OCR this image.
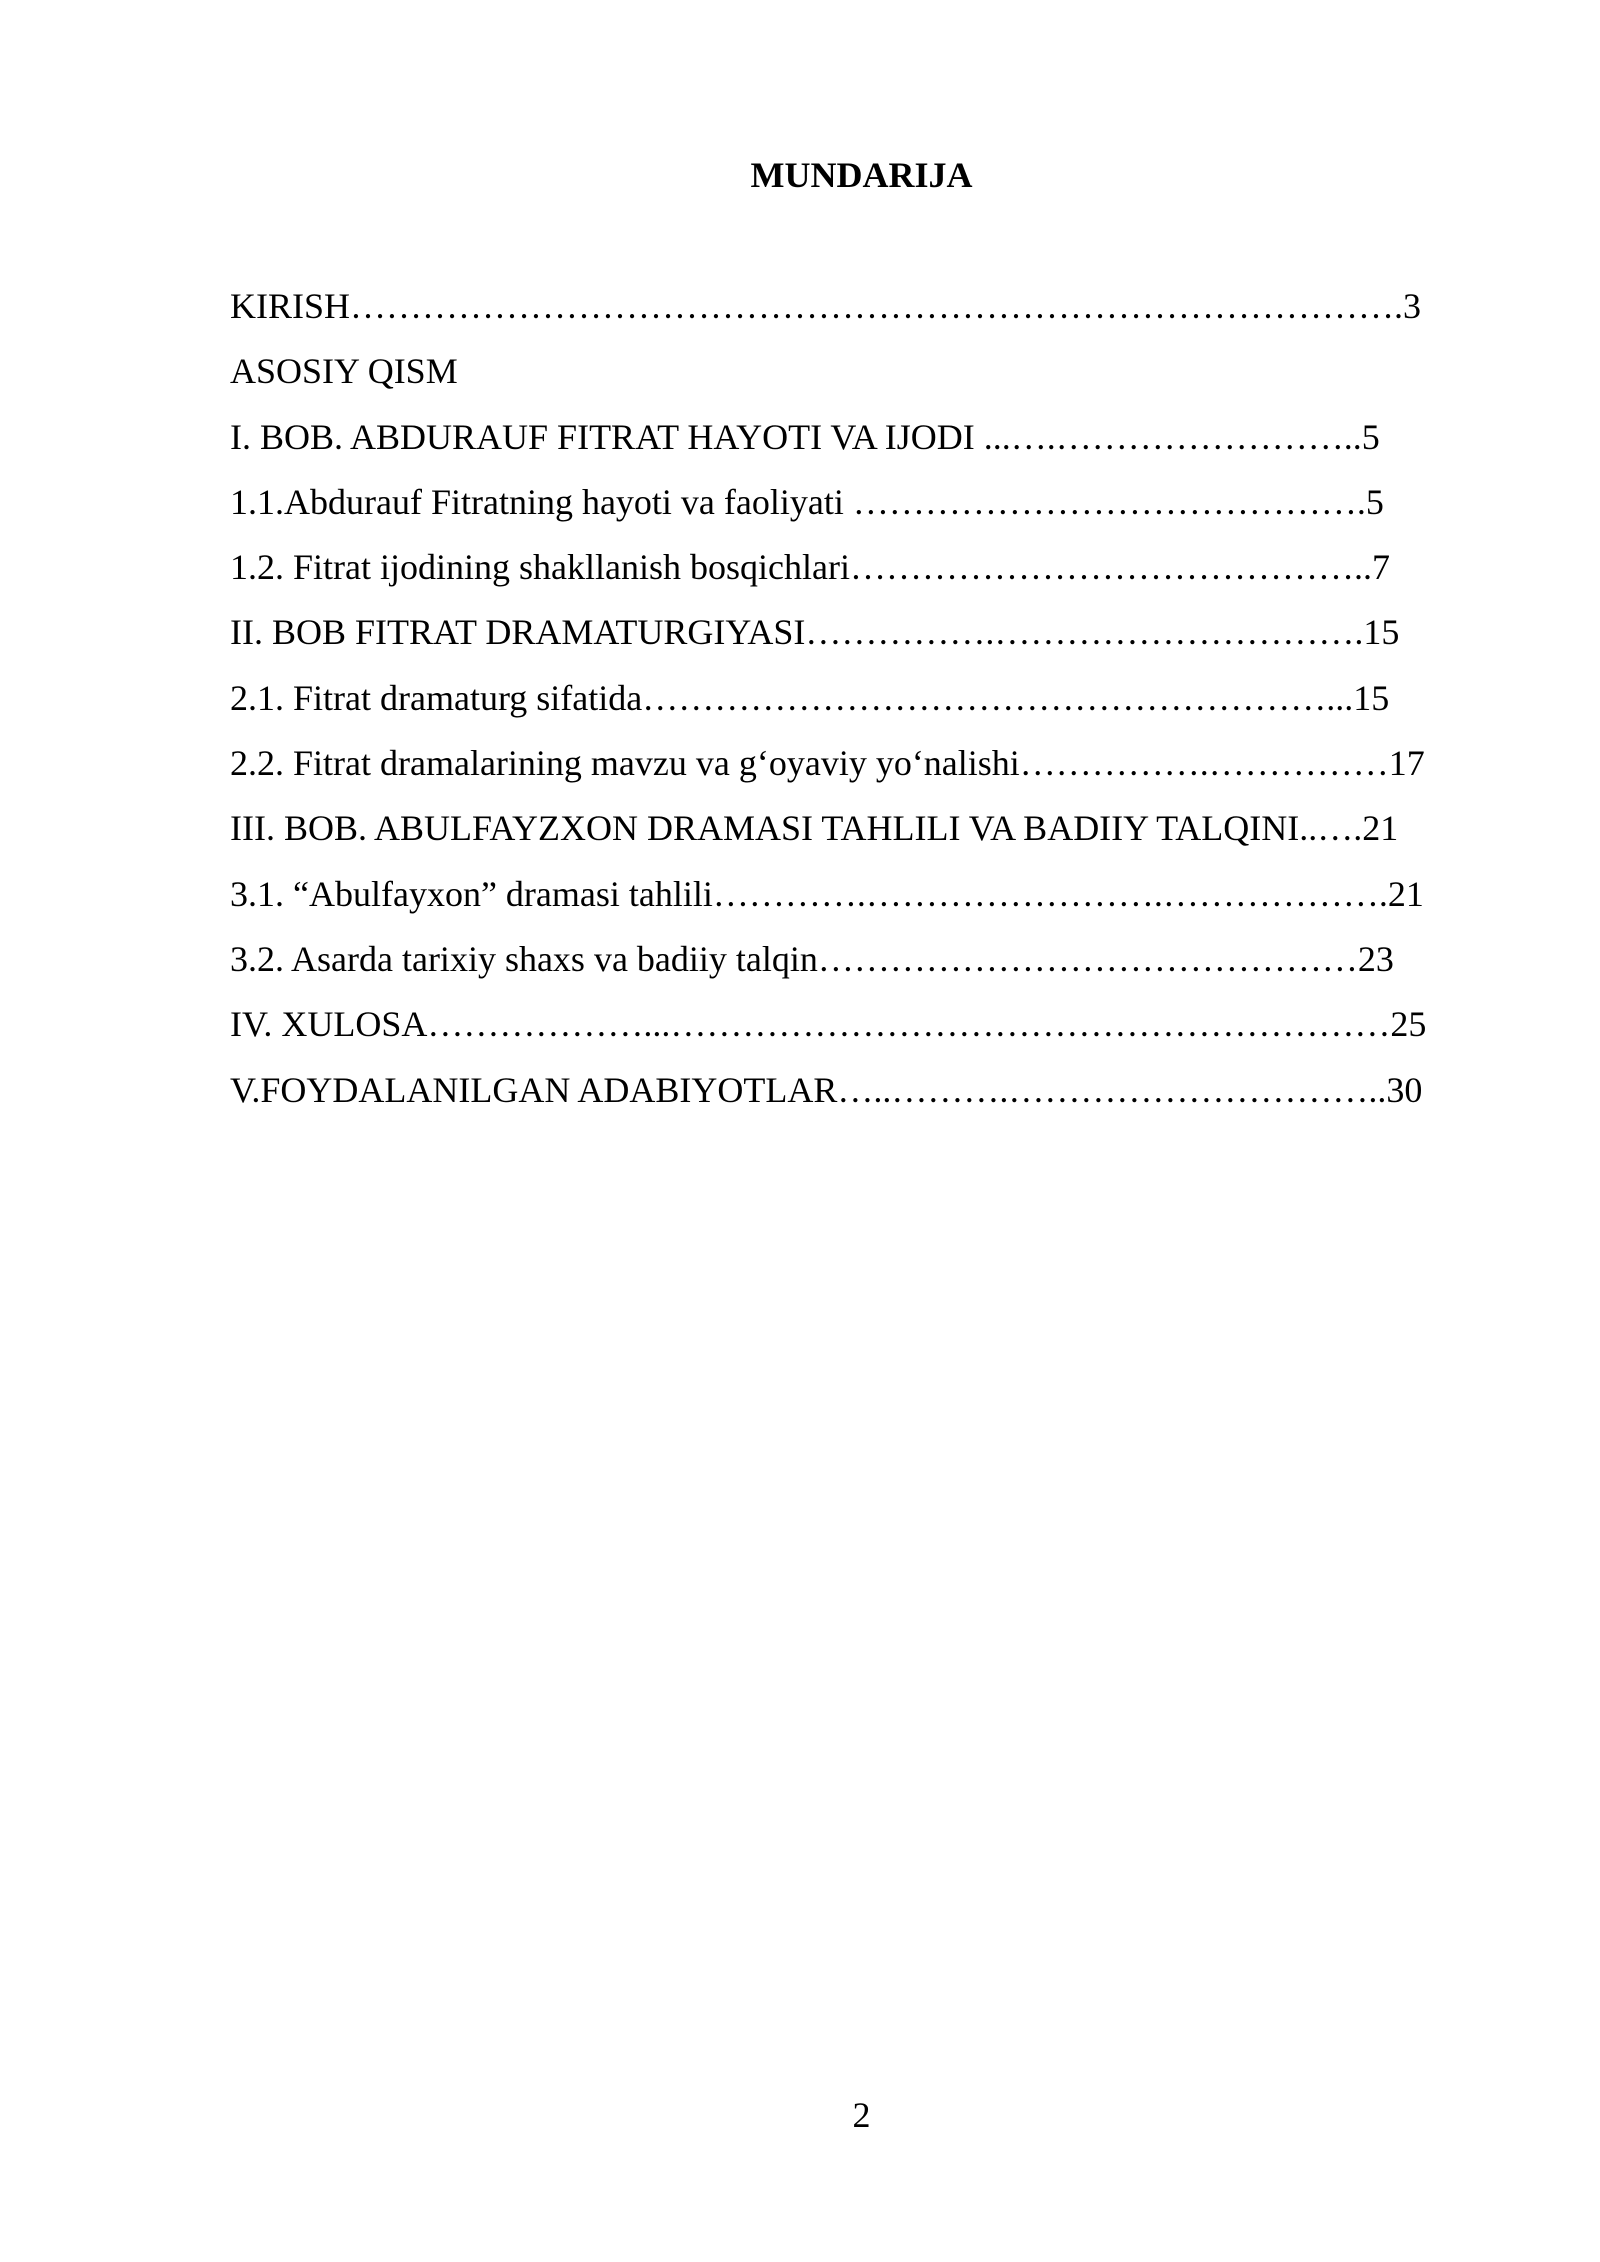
MUNDARIJA
KIRISH…………………………………………………………………………….3
ASOSIY QISM
I. BOB. ABDURAUF FITRAT HAYOTI VA IJODI ...….……………………..5
1.1.Abdurauf Fitratning hayoti va faoliyati …………………………………….5
1.2. Fitrat ijodining shakllanish bosqichlari……………………………………..7
II. BOB FITRAT DRAMATURGIYASI…………….………………………….15
2.1. Fitrat dramaturg sifatida…………………………………………………...15
2.2. Fitrat dramalarining mavzu va g‘oyaviy yo‘nalishi…………….……………17
III. BOB. ABULFAYZXON DRAMASI TAHLILI VA BADIIY TALQINI..….21
3.1. “Abulfayxon” dramasi tahlili………….…………………….……………….21
3.2. Asarda tarixiy shaxs va badiiy talqin………………………………………23
IV. XULOSA………………...……………………………………………………25
V.FOYDALANILGAN ADABIYOTLAR…..……….…………………………..30
2
